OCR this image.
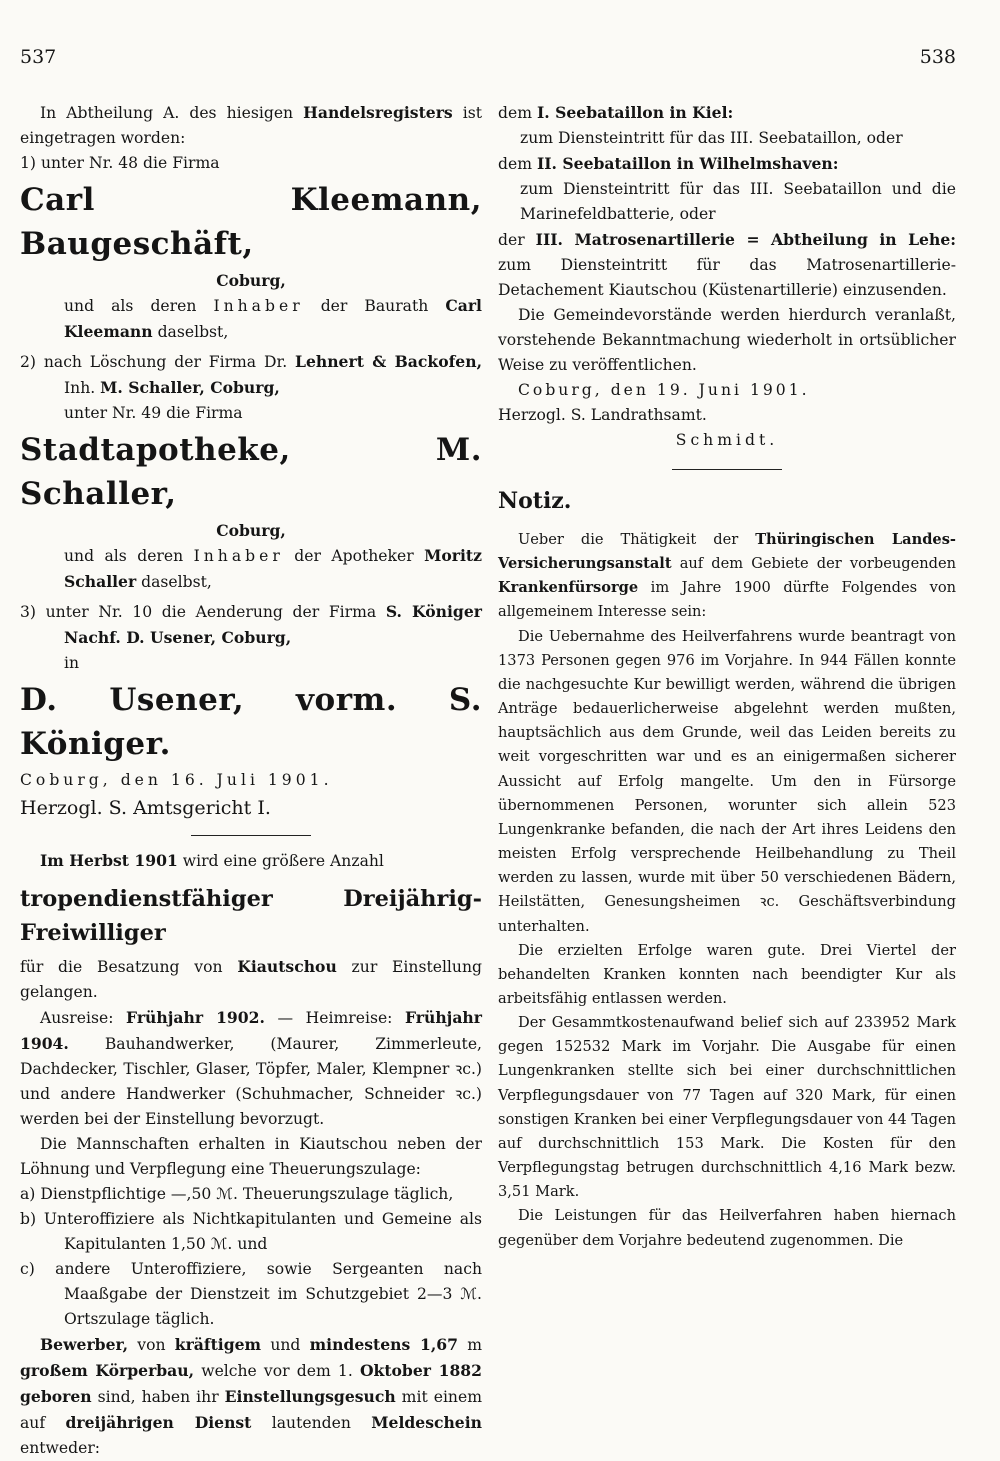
537	538

In Abtheilung A. des hiesigen Handelsregisters ist eingetragen worden:

1) unter Nr. 48 die Firma

Carl Kleemann, Baugeschäft,

Coburg,

und als deren Inhaber der Baurath Carl Kleemann daselbst,

2) nach Löschung der Firma Dr. Lehnert & Backofen, Inh. M. Schaller, Coburg,

unter Nr. 49 die Firma

Stadtapotheke, M. Schaller,

Coburg,

und als deren Inhaber der Apotheker Moritz Schaller daselbst,

3) unter Nr. 10 die Aenderung der Firma S. Königer Nachf. D. Usener, Coburg,

in

D. Usener, vorm. S. Königer.

Coburg, den 16. Juli 1901.

Herzogl. S. Amtsgericht I.

Im Herbst 1901 wird eine größere Anzahl

tropendienstfähiger Dreijährig-Freiwilliger

für die Besatzung von Kiautschou zur Einstellung gelangen.

Ausreise: Frühjahr 1902. — Heimreise: Frühjahr 1904. Bauhandwerker, (Maurer, Zimmerleute, Dachdecker, Tischler, Glaser, Töpfer, Maler, Klempner ꝛc.) und andere Handwerker (Schuhmacher, Schneider ꝛc.) werden bei der Einstellung bevorzugt.

Die Mannschaften erhalten in Kiautschou neben der Löhnung und Verpflegung eine Theuerungszulage:

a) Dienstpflichtige —,50 ℳ. Theuerungszulage täglich,

b) Unteroffiziere als Nichtkapitulanten und Gemeine als Kapitulanten 1,50 ℳ. und

c) andere Unteroffiziere, sowie Sergeanten nach Maaßgabe der Dienstzeit im Schutzgebiet 2—3 ℳ. Ortszulage täglich.

Bewerber, von kräftigem und mindestens 1,67 m großem Körperbau, welche vor dem 1. Oktober 1882 geboren sind, haben ihr Einstellungsgesuch mit einem auf dreijährigen Dienst lautenden Meldeschein entweder:

dem I. Seebataillon in Kiel:

zum Diensteintritt für das III. Seebataillon, oder

dem II. Seebataillon in Wilhelmshaven:

zum Diensteintritt für das III. Seebataillon und die Marinefeldbatterie, oder

der III. Matrosenartillerie = Abtheilung in Lehe: zum Diensteintritt für das Matrosenartillerie-Detachement Kiautschou (Küstenartillerie) einzusenden.

Die Gemeindevorstände werden hierdurch veranlaßt, vorstehende Bekanntmachung wiederholt in ortsüblicher Weise zu veröffentlichen.

Coburg, den 19. Juni 1901.

Herzogl. S. Landrathsamt.

Schmidt.

Notiz.

Ueber die Thätigkeit der Thüringischen Landes-Versicherungsanstalt auf dem Gebiete der vorbeugenden Krankenfürsorge im Jahre 1900 dürfte Folgendes von allgemeinem Interesse sein:

Die Uebernahme des Heilverfahrens wurde beantragt von 1373 Personen gegen 976 im Vorjahre. In 944 Fällen konnte die nachgesuchte Kur bewilligt werden, während die übrigen Anträge bedauerlicherweise abgelehnt werden mußten, hauptsächlich aus dem Grunde, weil das Leiden bereits zu weit vorgeschritten war und es an einigermaßen sicherer Aussicht auf Erfolg mangelte. Um den in Fürsorge übernommenen Personen, worunter sich allein 523 Lungenkranke befanden, die nach der Art ihres Leidens den meisten Erfolg versprechende Heilbehandlung zu Theil werden zu lassen, wurde mit über 50 verschiedenen Bädern, Heilstätten, Genesungsheimen ꝛc. Geschäftsverbindung unterhalten.

Die erzielten Erfolge waren gute. Drei Viertel der behandelten Kranken konnten nach beendigter Kur als arbeitsfähig entlassen werden.

Der Gesammtkostenaufwand belief sich auf 233952 Mark gegen 152532 Mark im Vorjahr. Die Ausgabe für einen Lungenkranken stellte sich bei einer durchschnittlichen Verpflegungsdauer von 77 Tagen auf 320 Mark, für einen sonstigen Kranken bei einer Verpflegungsdauer von 44 Tagen auf durchschnittlich 153 Mark. Die Kosten für den Verpflegungstag betrugen durchschnittlich 4,16 Mark bezw. 3,51 Mark.

Die Leistungen für das Heilverfahren haben hiernach gegenüber dem Vorjahre bedeutend zugenommen. Die
